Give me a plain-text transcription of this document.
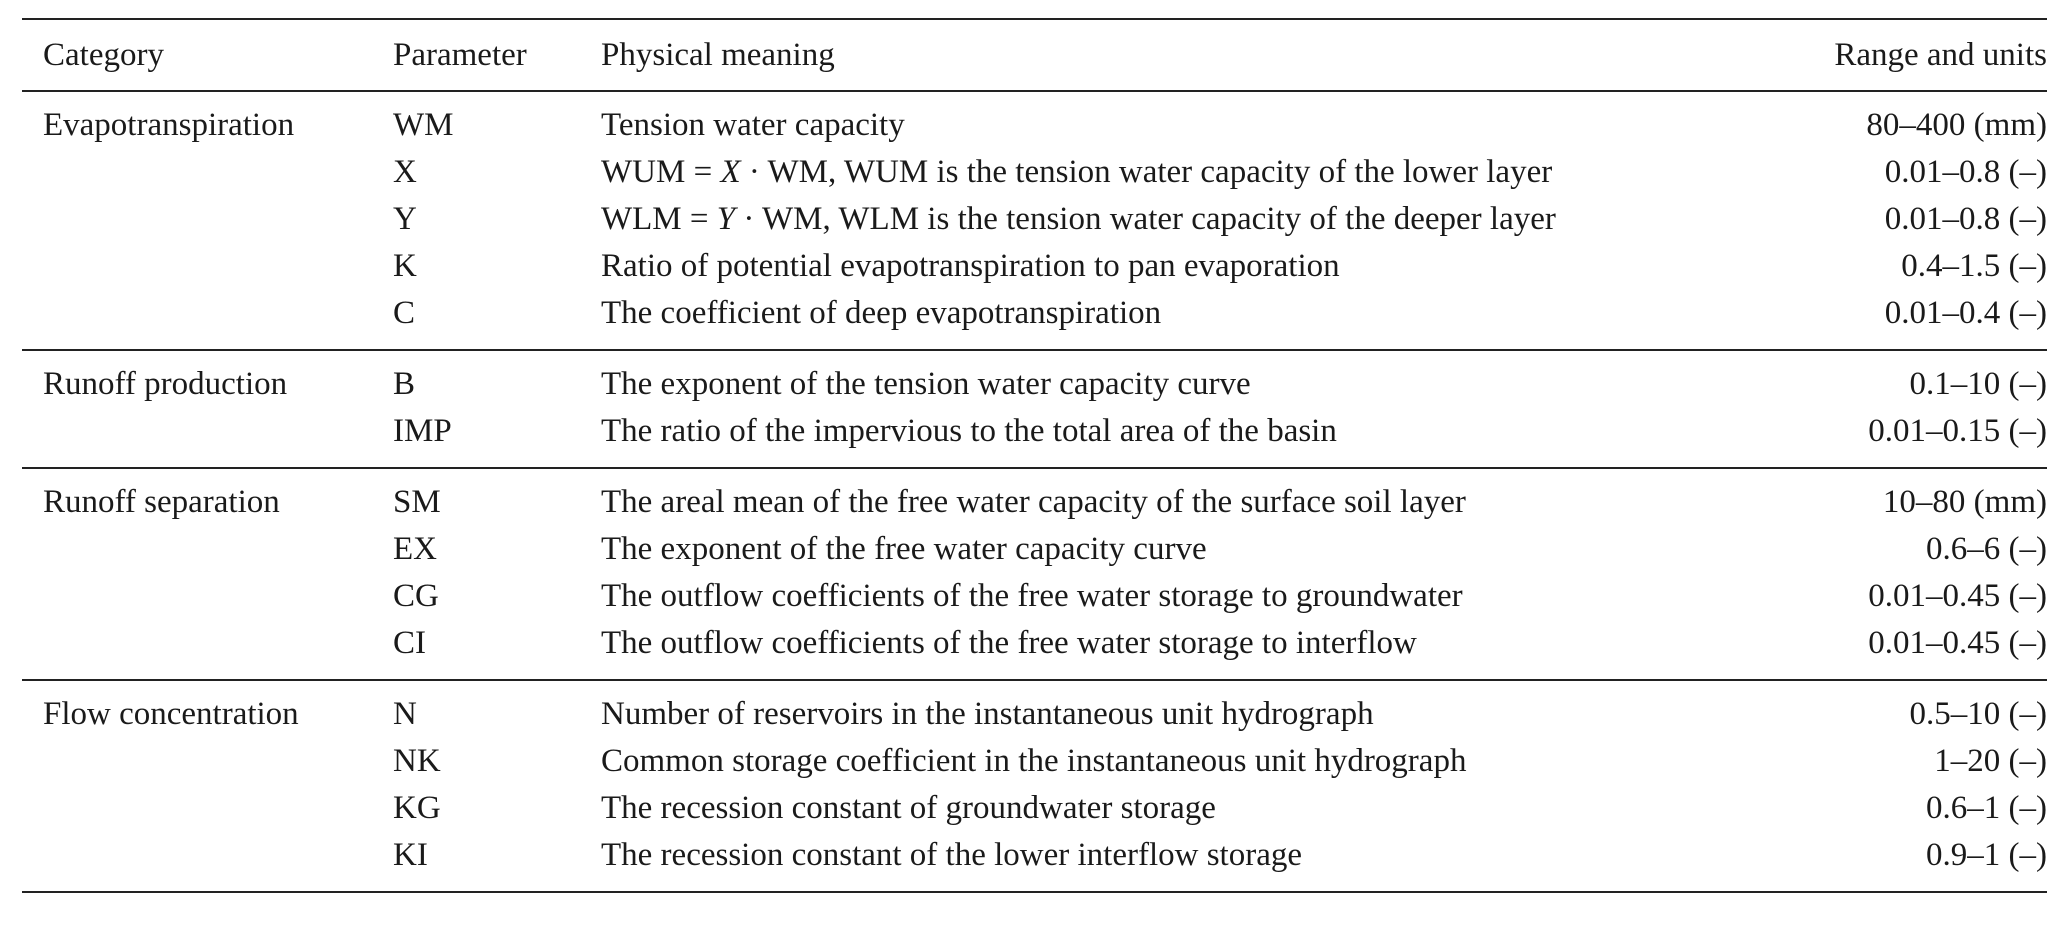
Category	Parameter	Physical meaning	Range and units
Evapotranspiration	WM	Tension water capacity	80–400 (mm)
	X	WUM = X · WM, WUM is the tension water capacity of the lower layer	0.01–0.8 (–)
	Y	WLM = Y · WM, WLM is the tension water capacity of the deeper layer	0.01–0.8 (–)
	K	Ratio of potential evapotranspiration to pan evaporation	0.4–1.5 (–)
	C	The coefficient of deep evapotranspiration	0.01–0.4 (–)
Runoff production	B	The exponent of the tension water capacity curve	0.1–10 (–)
	IMP	The ratio of the impervious to the total area of the basin	0.01–0.15 (–)
Runoff separation	SM	The areal mean of the free water capacity of the surface soil layer	10–80 (mm)
	EX	The exponent of the free water capacity curve	0.6–6 (–)
	CG	The outflow coefficients of the free water storage to groundwater	0.01–0.45 (–)
	CI	The outflow coefficients of the free water storage to interflow	0.01–0.45 (–)
Flow concentration	N	Number of reservoirs in the instantaneous unit hydrograph	0.5–10 (–)
	NK	Common storage coefficient in the instantaneous unit hydrograph	1–20 (–)
	KG	The recession constant of groundwater storage	0.6–1 (–)
	KI	The recession constant of the lower interflow storage	0.9–1 (–)
